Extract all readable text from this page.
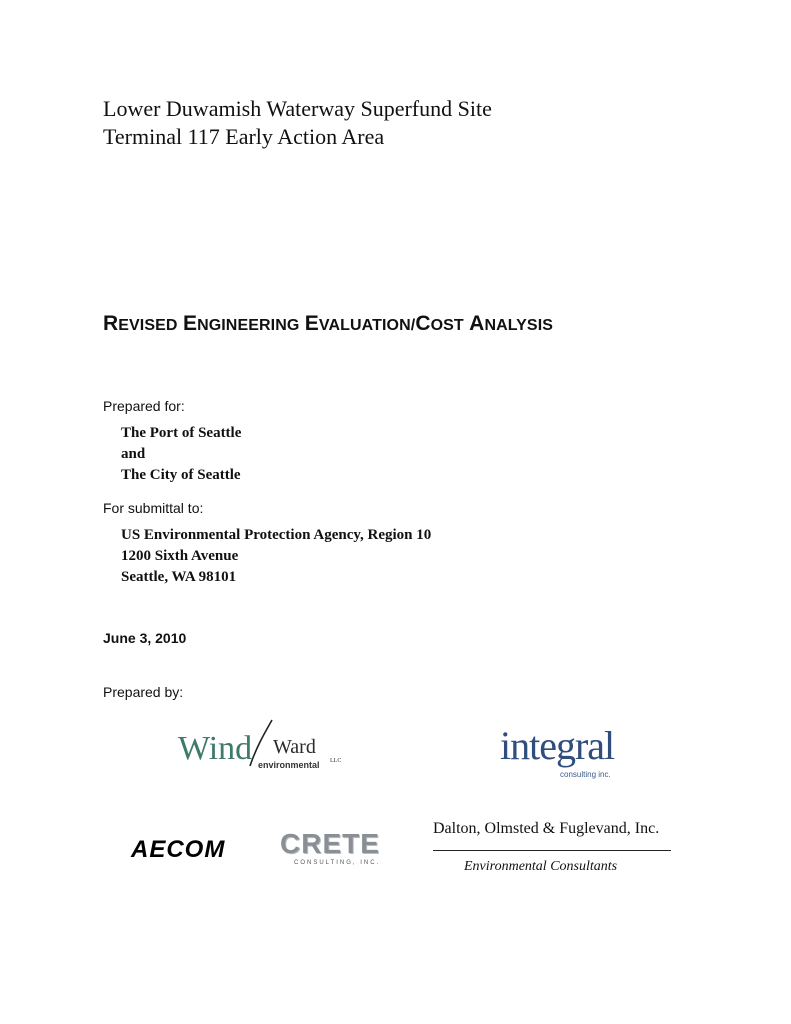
Lower Duwamish Waterway Superfund Site
Terminal 117 Early Action Area
REVISED ENGINEERING EVALUATION/COST ANALYSIS
Prepared for:
The Port of Seattle
and
The City of Seattle
For submittal to:
US Environmental Protection Agency, Region 10
1200 Sixth Avenue
Seattle, WA 98101
June 3, 2010
Prepared by:
Wind Ward
environmental LLC	integral
consulting inc.
AECOM CRETE
CONSULTING, INC.
Dalton, Olmsted & Fuglevand, Inc.
Environmental Consultants
